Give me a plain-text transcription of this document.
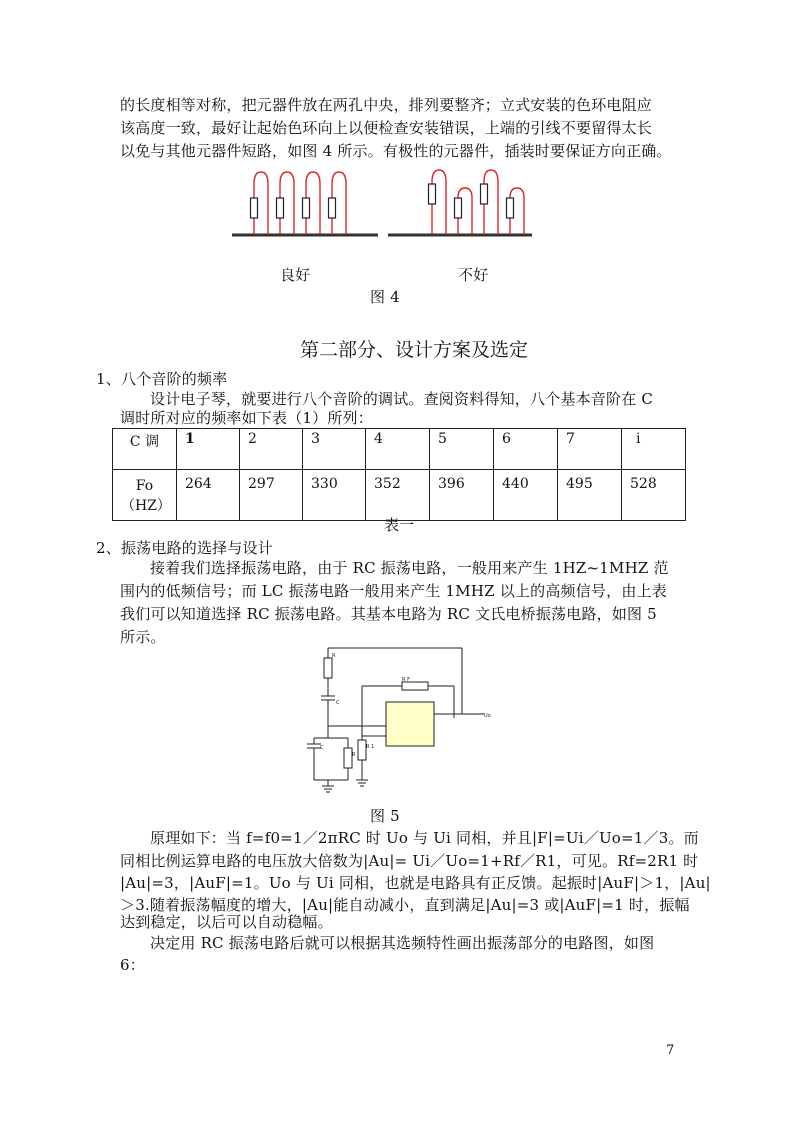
的长度相等对称，把元器件放在两孔中央，排列要整齐；立式安装的色环电阻应
该高度一致，最好让起始色环向上以便检查安装错误，上端的引线不要留得太长
以免与其他元器件短路，如图 4 所示。有极性的元器件，插装时要保证方向正确。
良好	不好
图 4
第二部分、设计方案及选定
1、八个音阶的频率
设计电子琴，就要进行八个音阶的调试。查阅资料得知，八个基本音阶在 C
调时所对应的频率如下表（1）所列：
C 调	1	2	3	4	5	6	7	i

Fo
（HZ）	264	297	330	352	396	440	495	528
表一
2、振荡电路的选择与设计
接着我们选择振荡电路，由于 RC 振荡电路，一般用来产生 1HZ~1MHZ 范
围内的低频信号；而 LC 振荡电路一般用来产生 1MHZ 以上的高频信号，由上表
我们可以知道选择 RC 振荡电路。其基本电路为 RC 文氏电桥振荡电路，如图 5
所示。
..
.
.
R
C
R F
C
R
R 1
Uo
图 5
原理如下：当 f=f0=1／2πRC 时 Uo 与 Ui 同相，并且|F|=Ui／Uo=1／3。而
同相比例运算电路的电压放大倍数为|Au|= Ui／Uo=1+Rf／R1，可见。Rf=2R1 时
|Au|=3，|AuF|=1。Uo 与 Ui 同相，也就是电路具有正反馈。起振时|AuF|＞1，|Au|
＞3.随着振荡幅度的增大，|Au|能自动减小，直到满足|Au|=3 或|AuF|=1 时，振幅
达到稳定，以后可以自动稳幅。
决定用 RC 振荡电路后就可以根据其选频特性画出振荡部分的电路图，如图
6：
7
